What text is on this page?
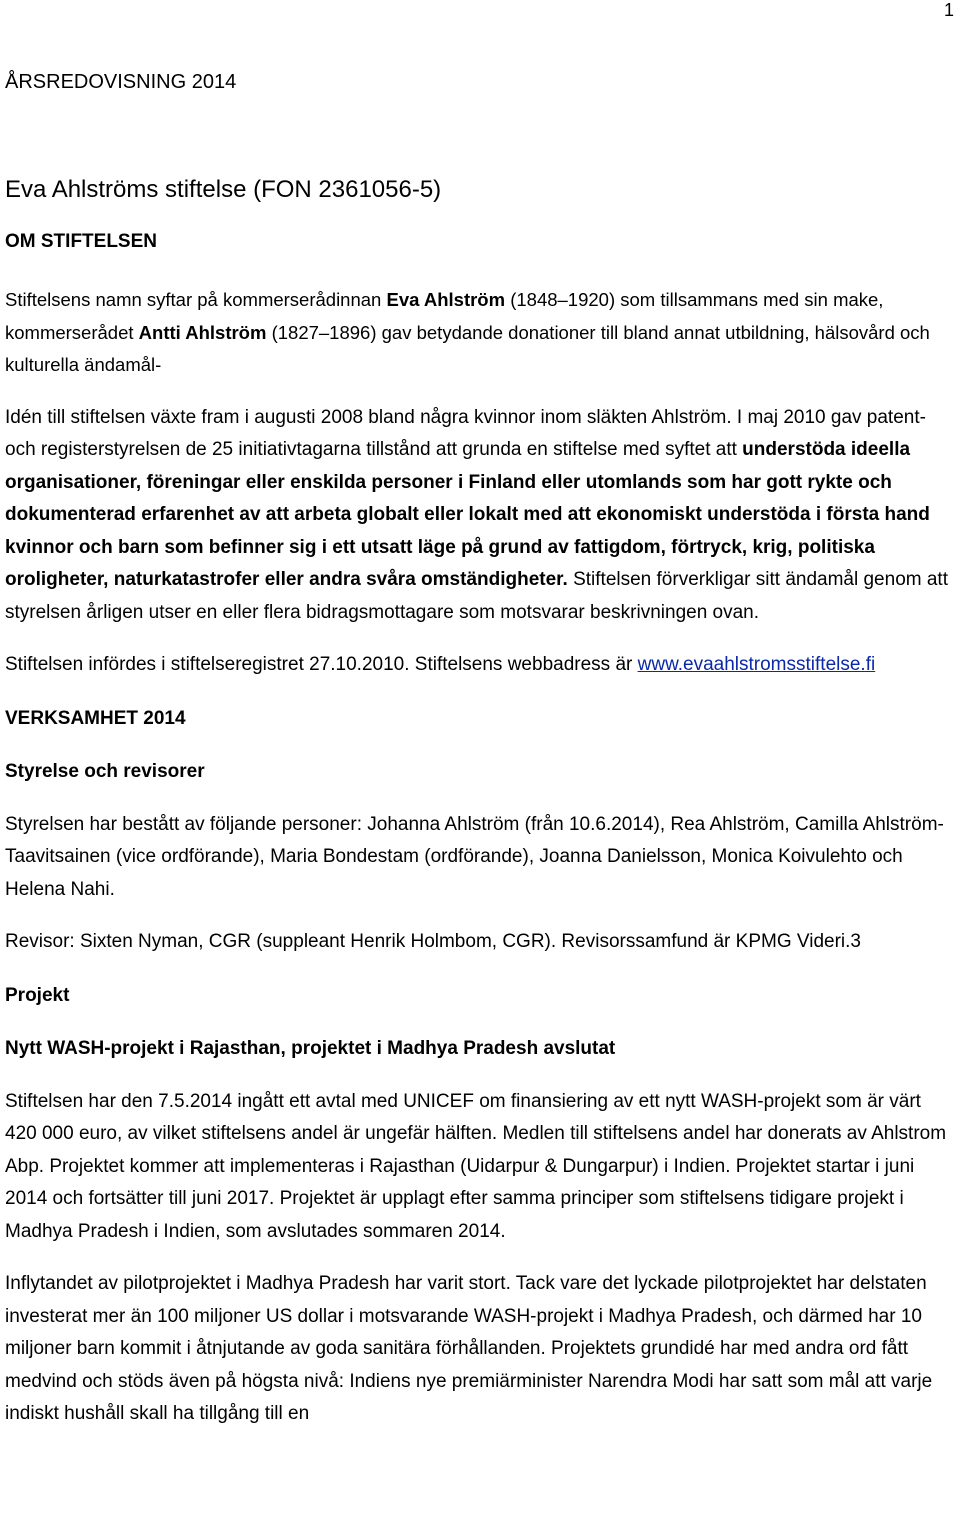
1

ÅRSREDOVISNING 2014

Eva Ahlströms stiftelse (FON 2361056-5)
OM STIFTELSEN

Stiftelsens namn syftar på kommerserådinnan Eva Ahlström (1848–1920) som tillsammans med sin make, kommerserådet Antti Ahlström (1827–1896) gav betydande donationer till bland annat utbildning, hälsovård och kulturella ändamål-

Idén till stiftelsen växte fram i augusti 2008 bland några kvinnor inom släkten Ahlström. I maj 2010 gav patent- och registerstyrelsen de 25 initiativtagarna tillstånd att grunda en stiftelse med syftet att understöda ideella organisationer, föreningar eller enskilda personer i Finland eller utomlands som har gott rykte och dokumenterad erfarenhet av att arbeta globalt eller lokalt med att ekonomiskt understöda i första hand kvinnor och barn som befinner sig i ett utsatt läge på grund av fattigdom, förtryck, krig, politiska oroligheter, naturkatastrofer eller andra svåra omständigheter. Stiftelsen förverkligar sitt ändamål genom att styrelsen årligen utser en eller flera bidragsmottagare som motsvarar beskrivningen ovan.

Stiftelsen infördes i stiftelseregistret 27.10.2010. Stiftelsens webbadress är www.evaahlstromsstiftelse.fi

VERKSAMHET 2014
Styrelse och revisorer

Styrelsen har bestått av följande personer: Johanna Ahlström (från 10.6.2014), Rea Ahlström, Camilla Ahlström-Taavitsainen (vice ordförande), Maria Bondestam (ordförande), Joanna Danielsson, Monica Koivulehto och Helena Nahi.

Revisor: Sixten Nyman, CGR (suppleant Henrik Holmbom, CGR). Revisorssamfund är KPMG Videri.3

Projekt
Nytt WASH-projekt i Rajasthan, projektet i Madhya Pradesh avslutat

Stiftelsen har den 7.5.2014 ingått ett avtal med UNICEF om finansiering av ett nytt WASH-projekt som är värt 420 000 euro, av vilket stiftelsens andel är ungefär hälften. Medlen till stiftelsens andel har donerats av Ahlstrom Abp. Projektet kommer att implementeras i Rajasthan (Uidarpur & Dungarpur) i Indien. Projektet startar i juni 2014 och fortsätter till juni 2017. Projektet är upplagt efter samma principer som stiftelsens tidigare projekt i Madhya Pradesh i Indien, som avslutades sommaren 2014.

Inflytandet av pilotprojektet i Madhya Pradesh har varit stort. Tack vare det lyckade pilotprojektet har delstaten investerat mer än 100 miljoner US dollar i motsvarande WASH-projekt i Madhya Pradesh, och därmed har 10 miljoner barn kommit i åtnjutande av goda sanitära förhållanden. Projektets grundidé har med andra ord fått medvind och stöds även på högsta nivå: Indiens nye premiärminister Narendra Modi har satt som mål att varje indiskt hushåll skall ha tillgång till en
